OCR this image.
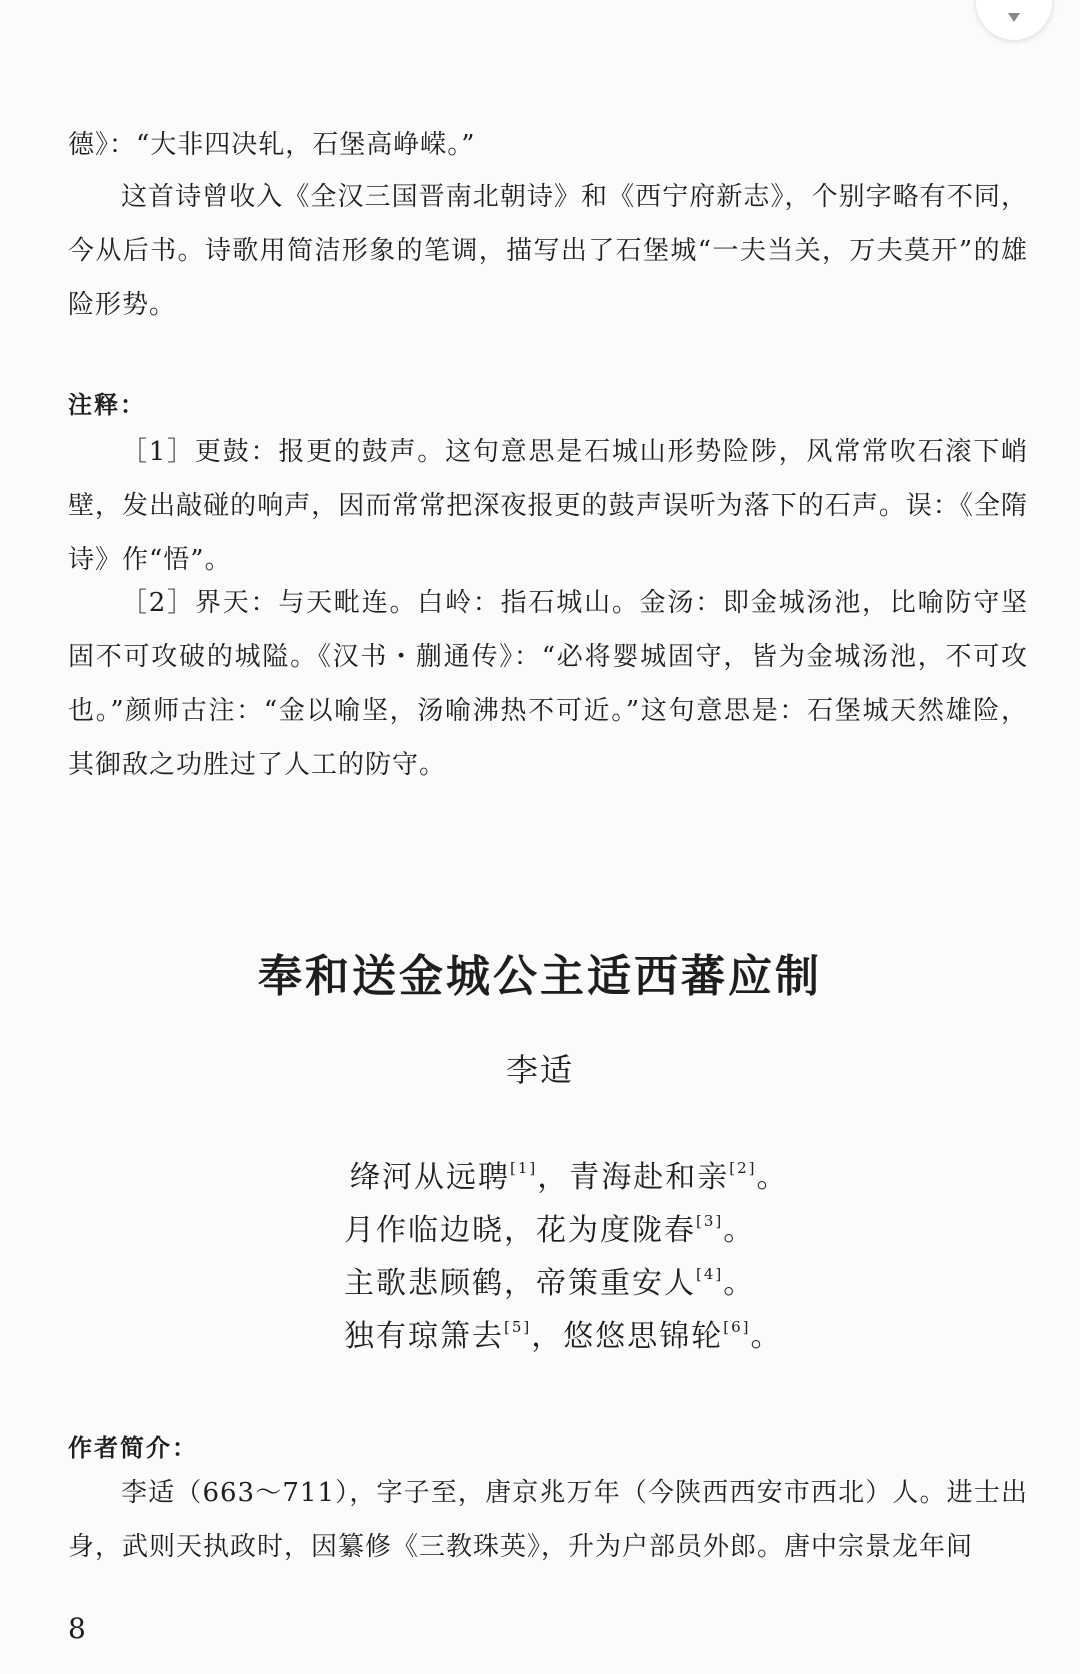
德》：“大非四决轧，石堡高峥嵘。”

这首诗曾收入《全汉三国晋南北朝诗》和《西宁府新志》，个别字略有不同，今从后书。诗歌用简洁形象的笔调，描写出了石堡城“一夫当关，万夫莫开”的雄险形势。

注释：

［1］更鼓：报更的鼓声。这句意思是石城山形势险陟，风常常吹石滚下峭壁，发出敲碰的响声，因而常常把深夜报更的鼓声误听为落下的石声。误：《全隋诗》作“悟”。

［2］界天：与天毗连。白岭：指石城山。金汤：即金城汤池，比喻防守坚固不可攻破的城隘。《汉书・蒯通传》：“必将婴城固守，皆为金城汤池，不可攻也。”颜师古注：“金以喻坚，汤喻沸热不可近。”这句意思是：石堡城天然雄险，其御敌之功胜过了人工的防守。

奉和送金城公主适西蕃应制

李适

绛河从远聘[1]，青海赴和亲[2]。
月作临边晓，花为度陇春[3]。
主歌悲顾鹤，帝策重安人[4]。
独有琼箫去[5]，悠悠思锦轮[6]。

作者简介：

李适（663～711），字子至，唐京兆万年（今陕西西安市西北）人。进士出身，武则天执政时，因纂修《三教珠英》，升为户部员外郎。唐中宗景龙年间

8
